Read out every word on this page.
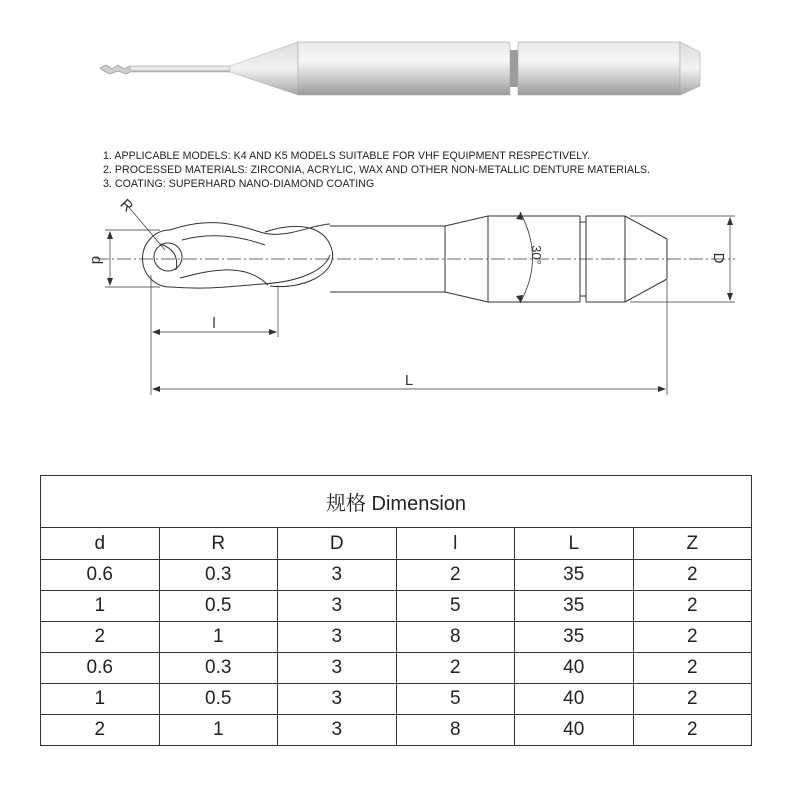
1. APPLICABLE MODELS: K4 AND K5 MODELS SUITABLE FOR VHF EQUIPMENT RESPECTIVELY.
2. PROCESSED MATERIALS: ZIRCONIA, ACRYLIC, WAX AND OTHER NON-METALLIC DENTURE MATERIALS.
3. COATING: SUPERHARD NANO-DIAMOND COATING
d
R
D
30°
l
L
规格 Dimension					
d	R	D	l	L	Z
0.6	0.3	3	2	35	2
1	0.5	3	5	35	2
2	1	3	8	35	2
0.6	0.3	3	2	40	2
1	0.5	3	5	40	2
2	1	3	8	40	2
